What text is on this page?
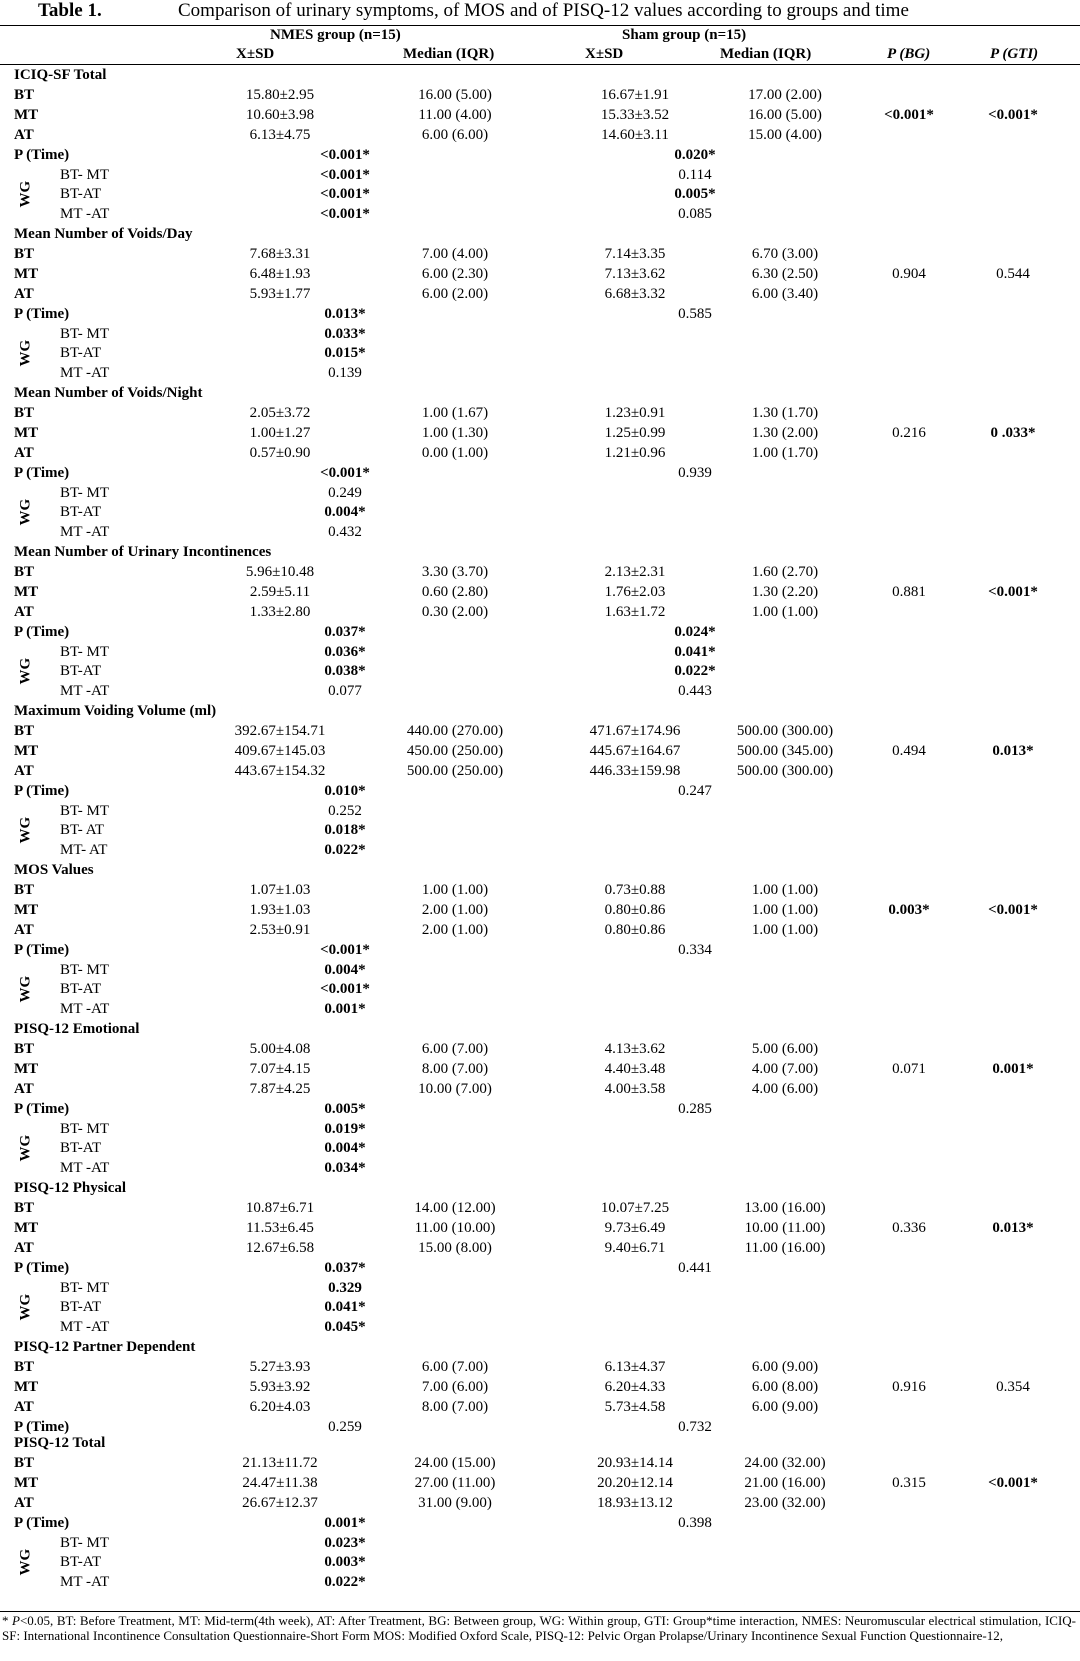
Table 1.	Comparison of urinary symptoms, of MOS and of PISQ-12 values according to groups and time
NMES group (n=15)	Sham group (n=15)
X±SD	Median (IQR)	X±SD	Median (IQR)	P (BG)	P (GTI)
ICIQ-SF Total
BT	15.80±2.95	16.00 (5.00)	16.67±1.91	17.00 (2.00)
MT	10.60±3.98	11.00 (4.00)	15.33±3.52	16.00 (5.00)	<0.001*	<0.001*
AT	6.13±4.75	6.00 (6.00)	14.60±3.11	15.00 (4.00)
P (Time)	<0.001*	0.020*
BT- MT	<0.001*	0.114
BT-AT	<0.001*	0.005*
MT -AT	<0.001*	0.085
WG
Mean Number of Voids/Day
BT	7.68±3.31	7.00 (4.00)	7.14±3.35	6.70 (3.00)
MT	6.48±1.93	6.00 (2.30)	7.13±3.62	6.30 (2.50)	0.904	0.544
AT	5.93±1.77	6.00 (2.00)	6.68±3.32	6.00 (3.40)
P (Time)	0.013*	0.585
BT- MT	0.033*
BT-AT	0.015*
MT -AT	0.139
WG
Mean Number of Voids/Night
BT	2.05±3.72	1.00 (1.67)	1.23±0.91	1.30 (1.70)
MT	1.00±1.27	1.00 (1.30)	1.25±0.99	1.30 (2.00)	0.216	0 .033*
AT	0.57±0.90	0.00 (1.00)	1.21±0.96	1.00 (1.70)
P (Time)	<0.001*	0.939
BT- MT	0.249
BT-AT	0.004*
MT -AT	0.432
WG
Mean Number of Urinary Incontinences
BT	5.96±10.48	3.30 (3.70)	2.13±2.31	1.60 (2.70)
MT	2.59±5.11	0.60 (2.80)	1.76±2.03	1.30 (2.20)	0.881	<0.001*
AT	1.33±2.80	0.30 (2.00)	1.63±1.72	1.00 (1.00)
P (Time)	0.037*	0.024*
BT- MT	0.036*	0.041*
BT-AT	0.038*	0.022*
MT -AT	0.077	0.443
WG
Maximum Voiding Volume (ml)
BT	392.67±154.71	440.00 (270.00)	471.67±174.96	500.00 (300.00)
MT	409.67±145.03	450.00 (250.00)	445.67±164.67	500.00 (345.00)	0.494	0.013*
AT	443.67±154.32	500.00 (250.00)	446.33±159.98	500.00 (300.00)
P (Time)	0.010*	0.247
BT- MT	0.252
BT- AT	0.018*
MT- AT	0.022*
WG
MOS Values
BT	1.07±1.03	1.00 (1.00)	0.73±0.88	1.00 (1.00)
MT	1.93±1.03	2.00 (1.00)	0.80±0.86	1.00 (1.00)	0.003*	<0.001*
AT	2.53±0.91	2.00 (1.00)	0.80±0.86	1.00 (1.00)
P (Time)	<0.001*	0.334
BT- MT	0.004*
BT-AT	<0.001*
MT -AT	0.001*
WG
PISQ-12 Emotional
BT	5.00±4.08	6.00 (7.00)	4.13±3.62	5.00 (6.00)
MT	7.07±4.15	8.00 (7.00)	4.40±3.48	4.00 (7.00)	0.071	0.001*
AT	7.87±4.25	10.00 (7.00)	4.00±3.58	4.00 (6.00)
P (Time)	0.005*	0.285
BT- MT	0.019*
BT-AT	0.004*
MT -AT	0.034*
WG
PISQ-12 Physical
BT	10.87±6.71	14.00 (12.00)	10.07±7.25	13.00 (16.00)
MT	11.53±6.45	11.00 (10.00)	9.73±6.49	10.00 (11.00)	0.336	0.013*
AT	12.67±6.58	15.00 (8.00)	9.40±6.71	11.00 (16.00)
P (Time)	0.037*	0.441
BT- MT	0.329
BT-AT	0.041*
MT -AT	0.045*
WG
PISQ-12 Partner Dependent
BT	5.27±3.93	6.00 (7.00)	6.13±4.37	6.00 (9.00)
MT	5.93±3.92	7.00 (6.00)	6.20±4.33	6.00 (8.00)	0.916	0.354
AT	6.20±4.03	8.00 (7.00)	5.73±4.58	6.00 (9.00)
P (Time)	0.259	0.732
PISQ-12 Total
BT	21.13±11.72	24.00 (15.00)	20.93±14.14	24.00 (32.00)
MT	24.47±11.38	27.00 (11.00)	20.20±12.14	21.00 (16.00)	0.315	<0.001*
AT	26.67±12.37	31.00 (9.00)	18.93±13.12	23.00 (32.00)
P (Time)	0.001*	0.398
BT- MT	0.023*
BT-AT	0.003*
MT -AT	0.022*
WG
* P<0.05, BT: Before Treatment, MT: Mid-term(4th week), AT: After Treatment, BG: Between group, WG: Within group, GTI: Group*time interaction, NMES: Neuromuscular electrical stimulation, ICIQ-SF: International Incontinence Consultation Questionnaire-Short Form MOS: Modified Oxford Scale, PISQ-12: Pelvic Organ Prolapse/Urinary Incontinence Sexual Function Questionnaire-12,
